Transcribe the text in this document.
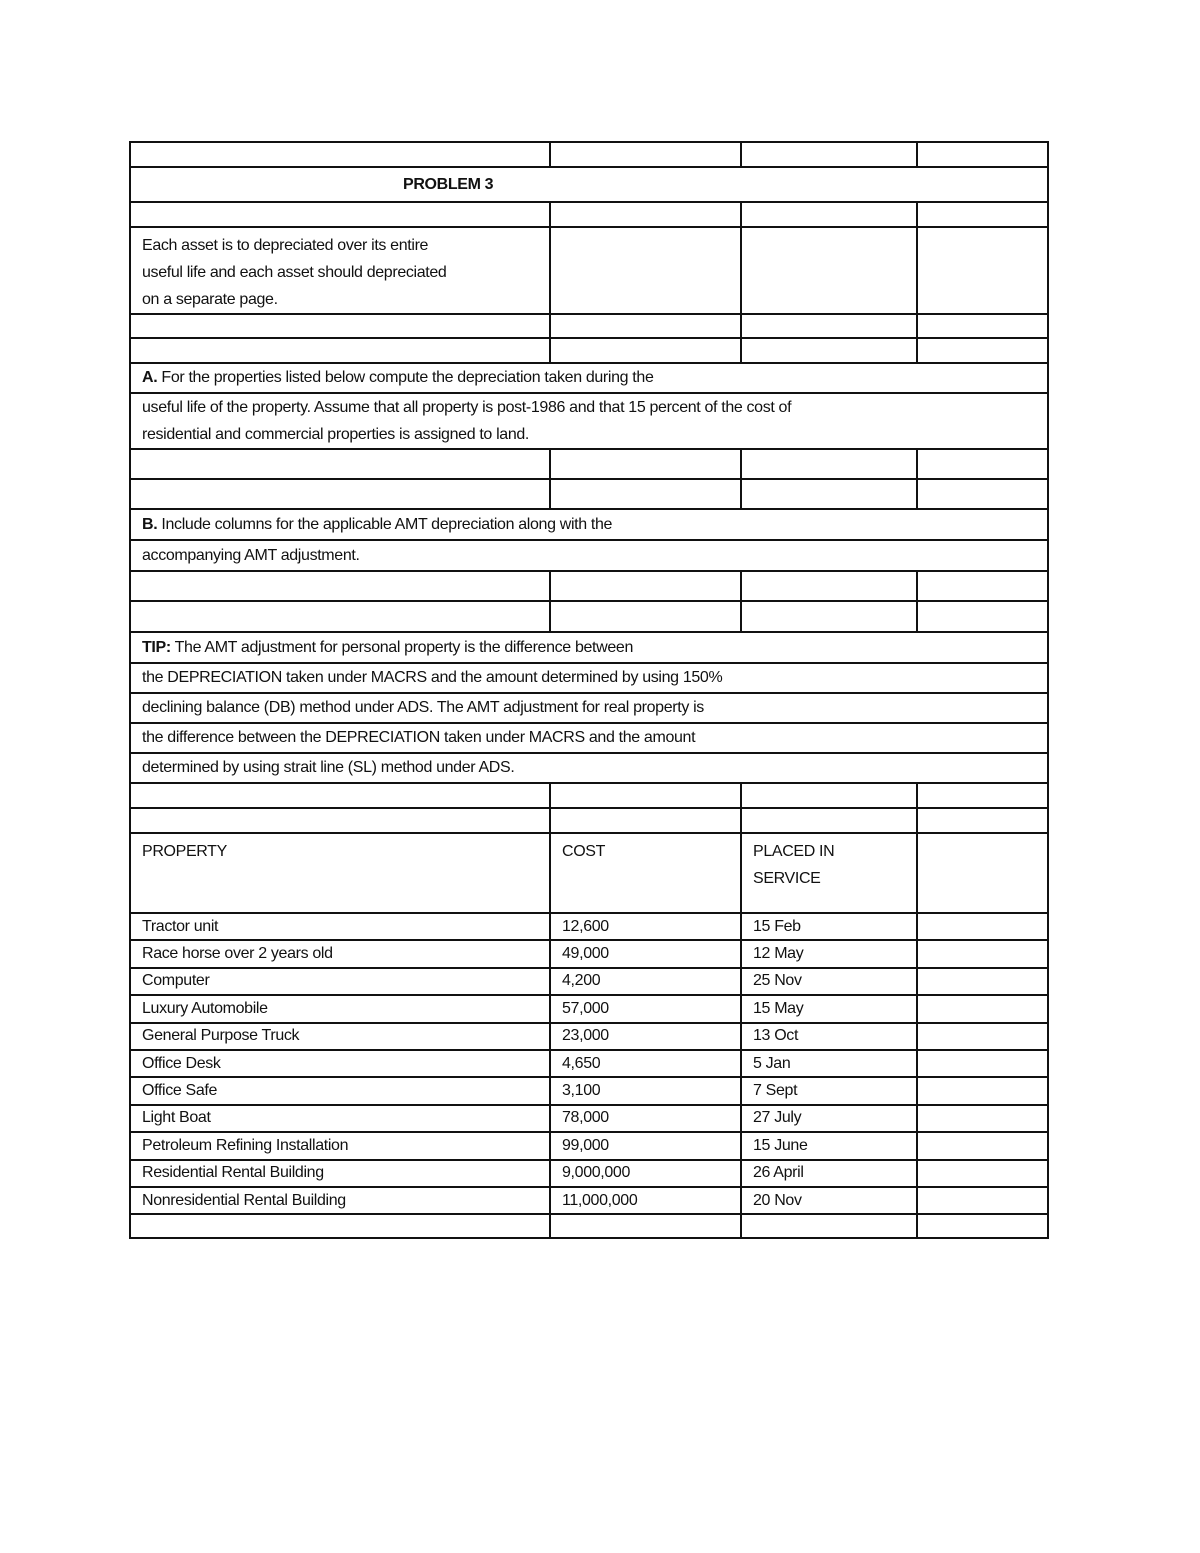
PROBLEM 3			

Each asset is to depreciated over its entire
useful life and each asset should depreciated
on a separate page.			

A. For the properties listed below compute the depreciation taken during the			

useful life of the property. Assume that all property is post-1986 and that 15 percent of the cost of
residential and commercial properties is assigned to land.			

B. Include columns for the applicable AMT depreciation along with the			
accompanying AMT adjustment.			

TIP: The AMT adjustment for personal property is the difference between			
the DEPRECIATION taken under MACRS and the amount determined by using 150%			
declining balance (DB) method under ADS. The AMT adjustment for real property is			
the difference between the DEPRECIATION taken under MACRS and the amount			
determined by using strait line (SL) method under ADS.			

PROPERTY	COST	PLACED IN
SERVICE	

Tractor unit	12,600	15 Feb	
Race horse over 2 years old	49,000	12 May	
Computer	4,200	25 Nov	
Luxury Automobile	57,000	15 May	
General Purpose Truck	23,000	13 Oct	
Office Desk	4,650	5 Jan	
Office Safe	3,100	7 Sept	
Light Boat	78,000	27 July	
Petroleum Refining Installation	99,000	15 June	
Residential Rental Building	9,000,000	26 April	
Nonresidential Rental Building	11,000,000	20 Nov	
